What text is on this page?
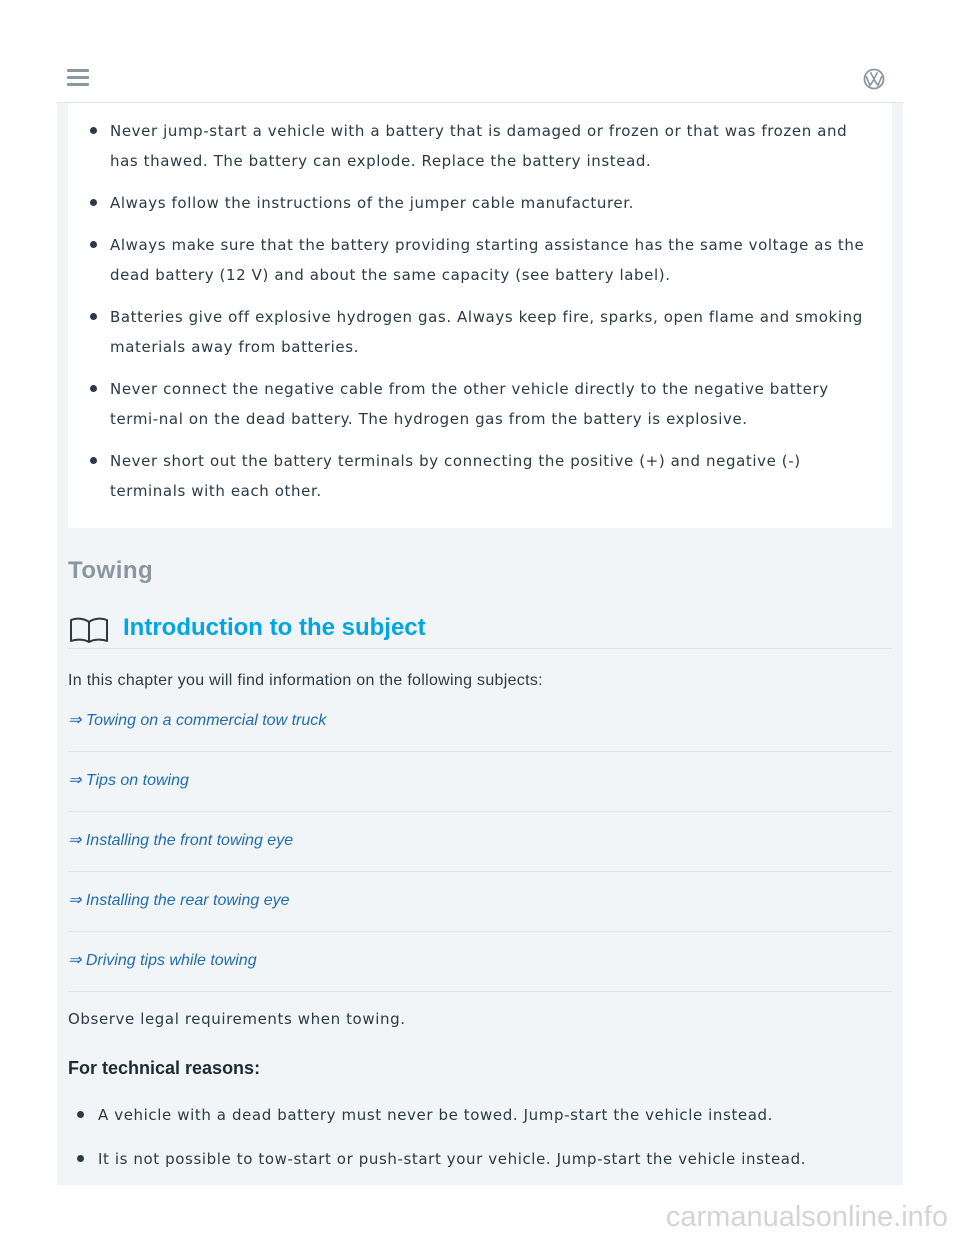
Never jump-start a vehicle with a battery that is damaged or frozen or that was frozen and has thawed. The battery can explode. Replace the battery instead.
Always follow the instructions of the jumper cable manufacturer.
Always make sure that the battery providing starting assistance has the same voltage as the dead battery (12 V) and about the same capacity (see battery label).
Batteries give off explosive hydrogen gas. Always keep fire, sparks, open flame and smoking materials away from batteries.
Never connect the negative cable from the other vehicle directly to the negative battery termi-nal on the dead battery. The hydrogen gas from the battery is explosive.
Never short out the battery terminals by connecting the positive (+) and negative (-) terminals with each other.
Towing
Introduction to the subject

In this chapter you will find information on the following subjects:

⇒ Towing on a commercial tow truck
⇒ Tips on towing
⇒ Installing the front towing eye
⇒ Installing the rear towing eye
⇒ Driving tips while towing

Observe legal requirements when towing.

For technical reasons:
A vehicle with a dead battery must never be towed. Jump-start the vehicle instead.
It is not possible to tow-start or push-start your vehicle. Jump-start the vehicle instead.
carmanualsonline.info
